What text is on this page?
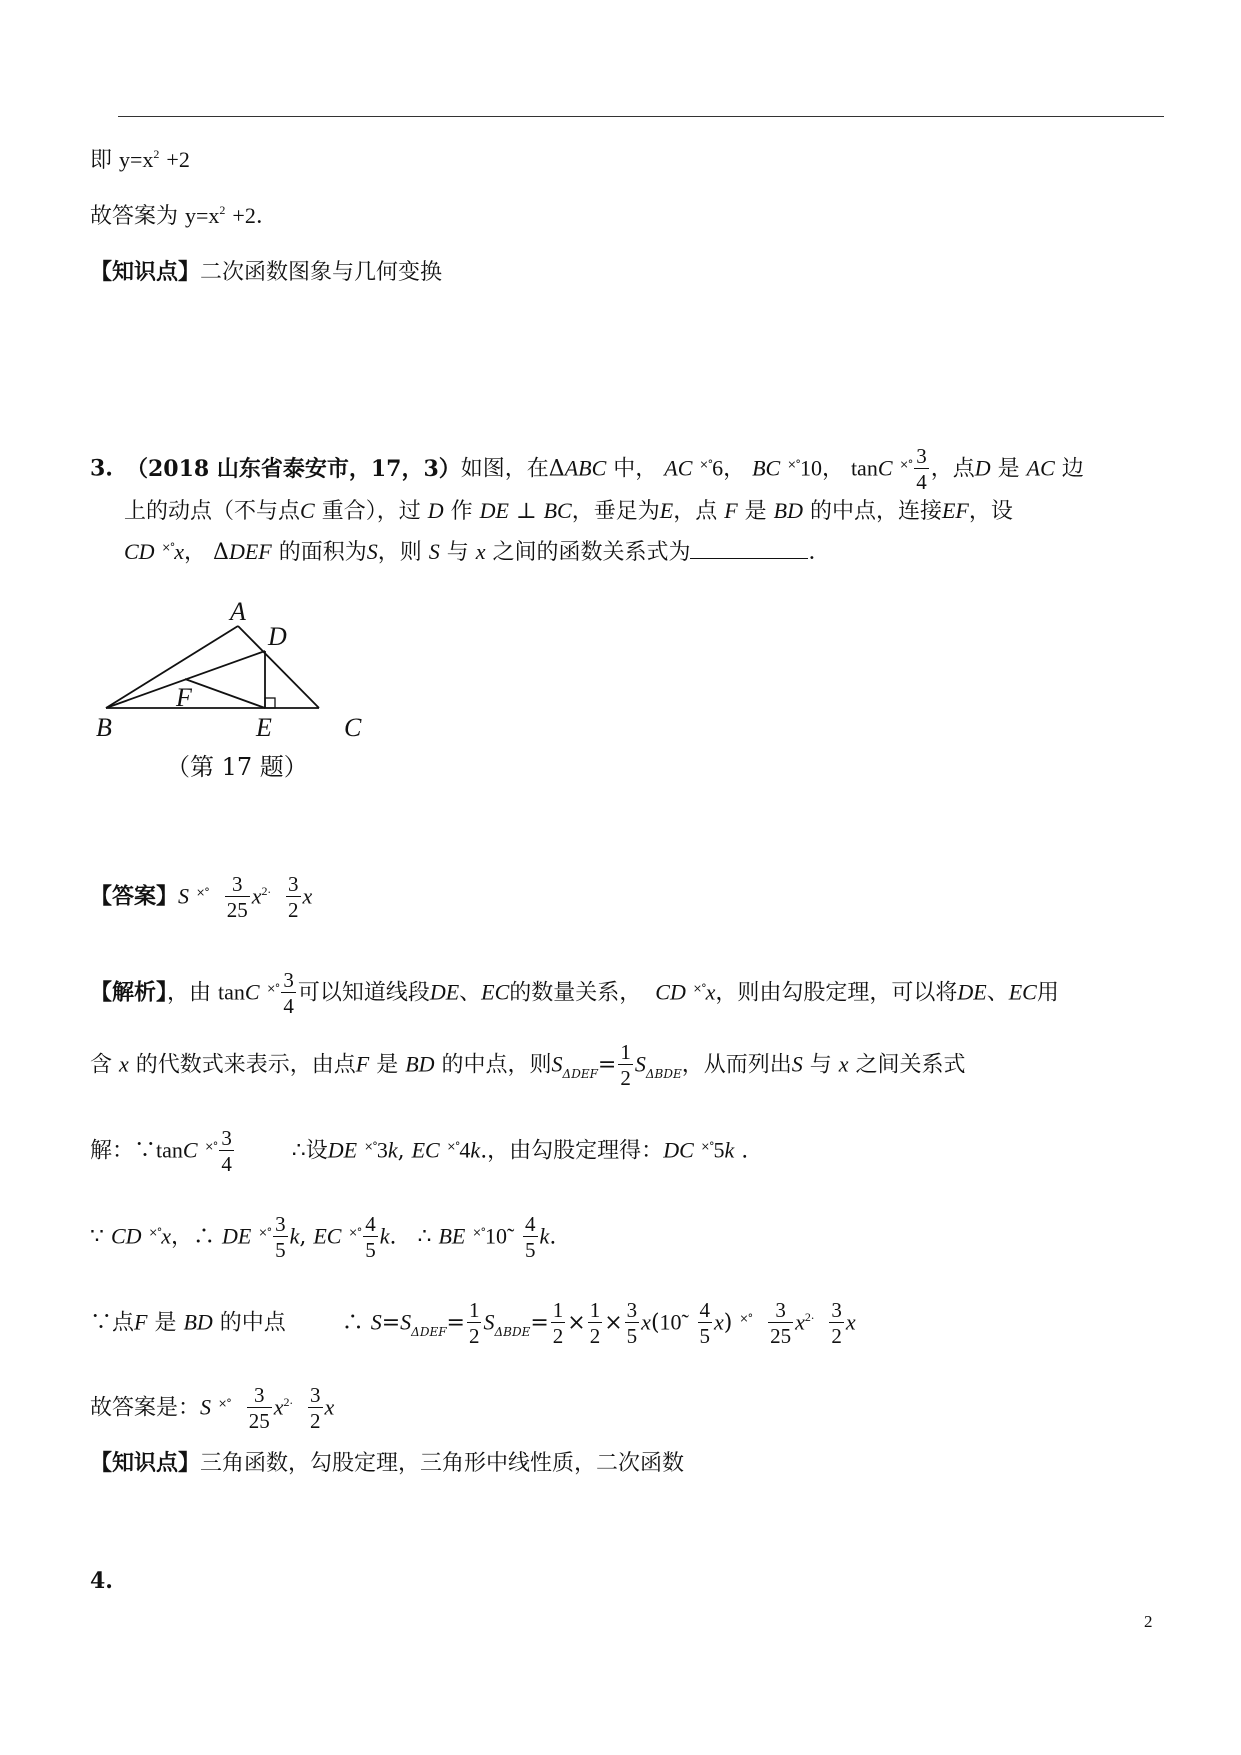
即 $y=x^2 +2$
故答案为 $y=x^2 +2$．
【知识点】二次函数图象与几何变换
3. （2018 山东省泰安市，17，3）如图，在ΔABC 中， AC ×°6， BC ×°10， tanC $^{\times^\circ} \frac{3}{4}$ ，点D 是 AC 边
上的动点（不与点C 重合），过 D 作 DE ⊥ BC，垂足为E，点 F 是 BD 的中点，连接EF，设
CD ×°x， ΔDEF 的面积为S，则 S 与 x 之间的函数关系式为	．
A
D
F
B	E	C
（第 17 题）
【答案】S $^{\times^\circ} \frac{3}{25} x^{2\cdot} \frac{3}{2}$ x
【解析】，由 tanC $^{\times^\circ} \frac{3}{4}$ 可以知道线段DE、EC的数量关系，  CD ×°x，则由勾股定理，可以将DE、EC用
含 x 的代数式来表示，由点F 是 BD 的中点，则$S_{\Delta DEF}= \frac{1}{2} S_{\Delta BDE}$，从而列出S 与 x 之间关系式
解：∵tanC $^{\times^\circ} \frac{3}{4}$ ∴设DE ×°3k, EC ×°4k.，由勾股定理得：DC ×°5k .
∵ CD ×°x，∴ DE $^{\times^\circ} \frac{3}{5} k$, EC $^{\times^\circ} \frac{4}{5} k$.   ∴ BE ×°10̃ $\frac{4}{5} k$.
∵点F 是 BD 的中点        ∴ $S=S_{\Delta DEF}= \frac{1}{2} S_{\Delta BDE}= \frac{1}{2} \times \frac{1}{2} \times \frac{3}{5}$ x(10̃ $\frac{4}{5} x$) $^{\times^\circ} \frac{3}{25} x^{2\cdot} \frac{3}{2}$ x
故答案是：S $^{\times^\circ} \frac{3}{25} x^{2\cdot} \frac{3}{2}$ x
【知识点】三角函数，勾股定理，三角形中线性质，二次函数
4.
2
